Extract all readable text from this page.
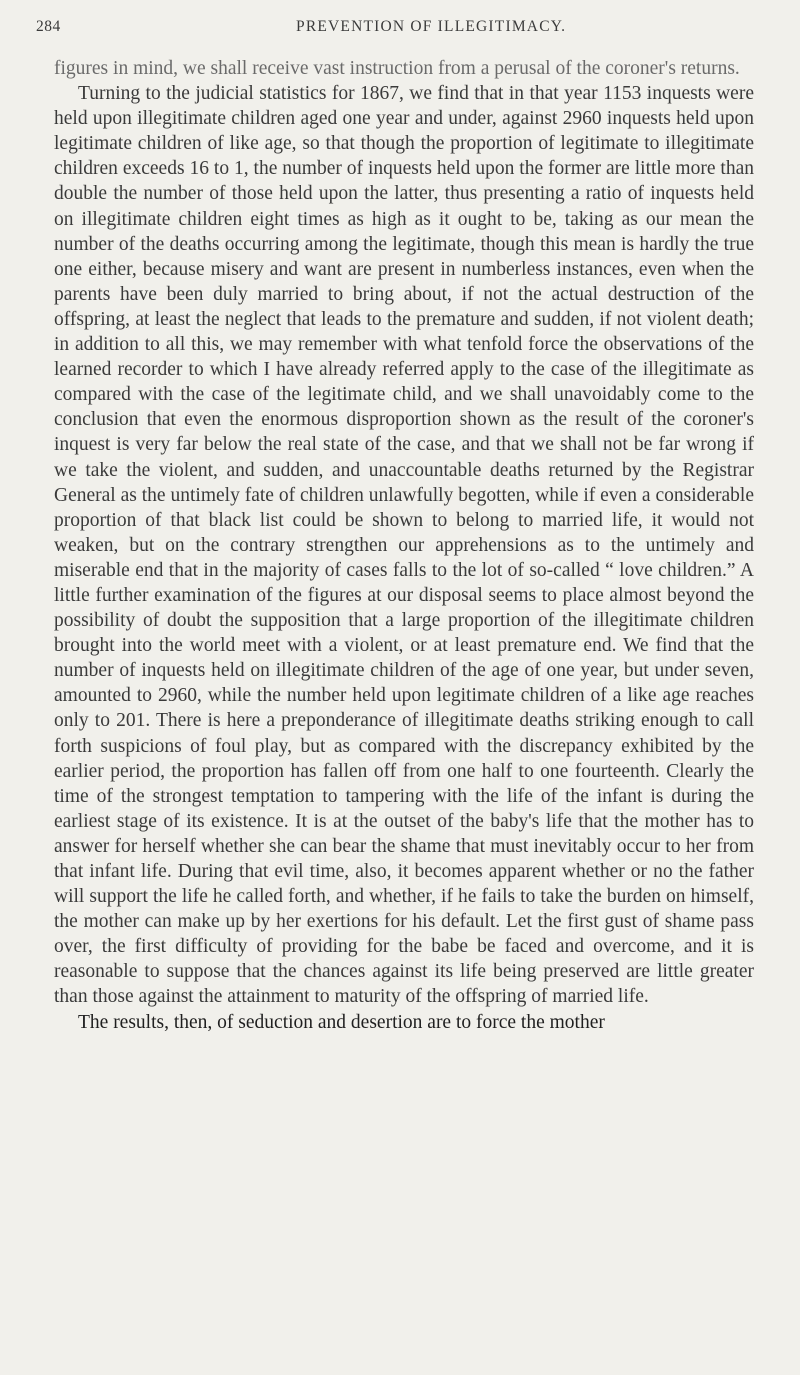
284	PREVENTION OF ILLEGITIMACY.

figures in mind, we shall receive vast instruction from a perusal of the coroner's returns.

Turning to the judicial statistics for 1867, we find that in that year 1153 inquests were held upon illegitimate children aged one year and under, against 2960 inquests held upon legitimate children of like age, so that though the proportion of legitimate to illegitimate children exceeds 16 to 1, the number of inquests held upon the former are little more than double the number of those held upon the latter, thus presenting a ratio of inquests held on illegitimate children eight times as high as it ought to be, taking as our mean the number of the deaths occurring among the legitimate, though this mean is hardly the true one either, because misery and want are present in numberless instances, even when the parents have been duly married to bring about, if not the actual destruction of the offspring, at least the neglect that leads to the premature and sudden, if not violent death; in addition to all this, we may remember with what tenfold force the observations of the learned recorder to which I have already referred apply to the case of the illegitimate as compared with the case of the legitimate child, and we shall unavoidably come to the conclusion that even the enormous disproportion shown as the result of the coroner's inquest is very far below the real state of the case, and that we shall not be far wrong if we take the violent, and sudden, and unaccountable deaths returned by the Registrar General as the untimely fate of children unlawfully begotten, while if even a considerable proportion of that black list could be shown to belong to married life, it would not weaken, but on the contrary strengthen our apprehensions as to the untimely and miserable end that in the majority of cases falls to the lot of so-called “ love children.” A little further examination of the figures at our disposal seems to place almost beyond the possibility of doubt the supposition that a large proportion of the illegitimate children brought into the world meet with a violent, or at least premature end. We find that the number of inquests held on illegitimate children of the age of one year, but under seven, amounted to 2960, while the number held upon legitimate children of a like age reaches only to 201. There is here a preponderance of illegitimate deaths striking enough to call forth suspicions of foul play, but as compared with the discrepancy exhibited by the earlier period, the proportion has fallen off from one half to one fourteenth. Clearly the time of the strongest temptation to tampering with the life of the infant is during the earliest stage of its existence. It is at the outset of the baby's life that the mother has to answer for herself whether she can bear the shame that must inevitably occur to her from that infant life. During that evil time, also, it becomes apparent whether or no the father will support the life he called forth, and whether, if he fails to take the burden on himself, the mother can make up by her exertions for his default. Let the first gust of shame pass over, the first difficulty of providing for the babe be faced and overcome, and it is reasonable to suppose that the chances against its life being preserved are little greater than those against the attainment to maturity of the offspring of married life.

The results, then, of seduction and desertion are to force the mother
